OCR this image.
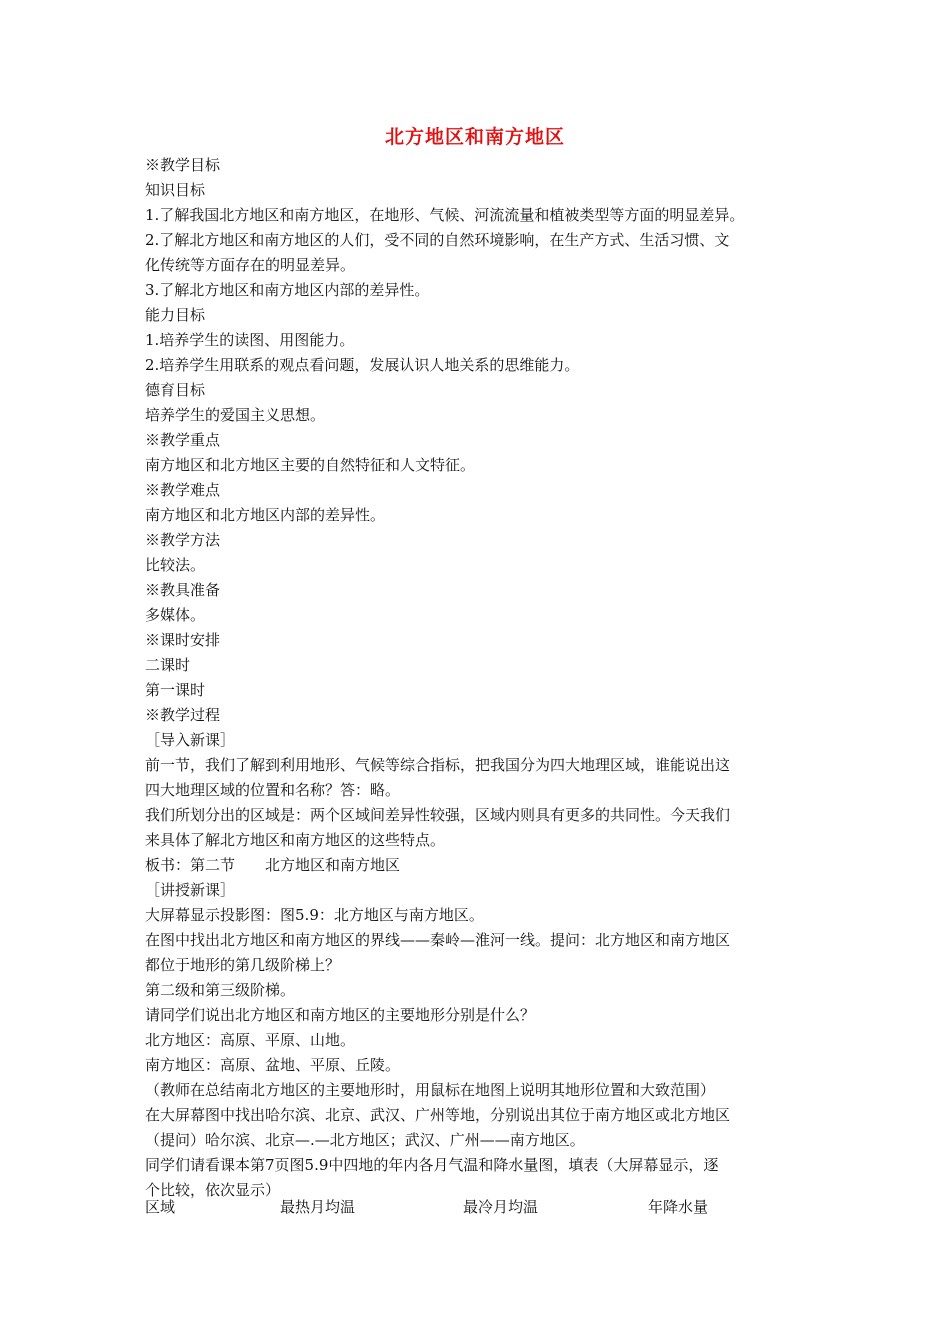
北方地区和南方地区
※教学目标
知识目标
1.了解我国北方地区和南方地区，在地形、气候、河流流量和植被类型等方面的明显差异。
2.了解北方地区和南方地区的人们，受不同的自然环境影响，在生产方式、生活习惯、文
化传统等方面存在的明显差异。
3.了解北方地区和南方地区内部的差异性。
能力目标
1.培养学生的读图、用图能力。
2.培养学生用联系的观点看问题，发展认识人地关系的思维能力。
德育目标
培养学生的爱国主义思想。
※教学重点
南方地区和北方地区主要的自然特征和人文特征。
※教学难点
南方地区和北方地区内部的差异性。
※教学方法
比较法。
※教具准备
多媒体。
※课时安排
二课时
第一课时
※教学过程
［导入新课］
前一节，我们了解到利用地形、气候等综合指标，把我国分为四大地理区域，谁能说出这
四大地理区域的位置和名称？答：略。
我们所划分出的区域是：两个区域间差异性较强，区域内则具有更多的共同性。今天我们
来具体了解北方地区和南方地区的这些特点。
板书：第二节　　北方地区和南方地区
［讲授新课］
大屏幕显示投影图：图5.9：北方地区与南方地区。
在图中找出北方地区和南方地区的界线——秦岭—淮河一线。提问：北方地区和南方地区
都位于地形的第几级阶梯上？
第二级和第三级阶梯。
请同学们说出北方地区和南方地区的主要地形分别是什么？
北方地区：高原、平原、山地。
南方地区：高原、盆地、平原、丘陵。
（教师在总结南北方地区的主要地形时，用鼠标在地图上说明其地形位置和大致范围）
在大屏幕图中找出哈尔滨、北京、武汉、广州等地，分别说出其位于南方地区或北方地区
（提问）哈尔滨、北京—.—北方地区；武汉、广州——南方地区。
同学们请看课本第7页图5.9中四地的年内各月气温和降水量图，填表（大屏幕显示，逐
个比较，依次显示）
区域	最热月均温	最冷月均温	年降水量
